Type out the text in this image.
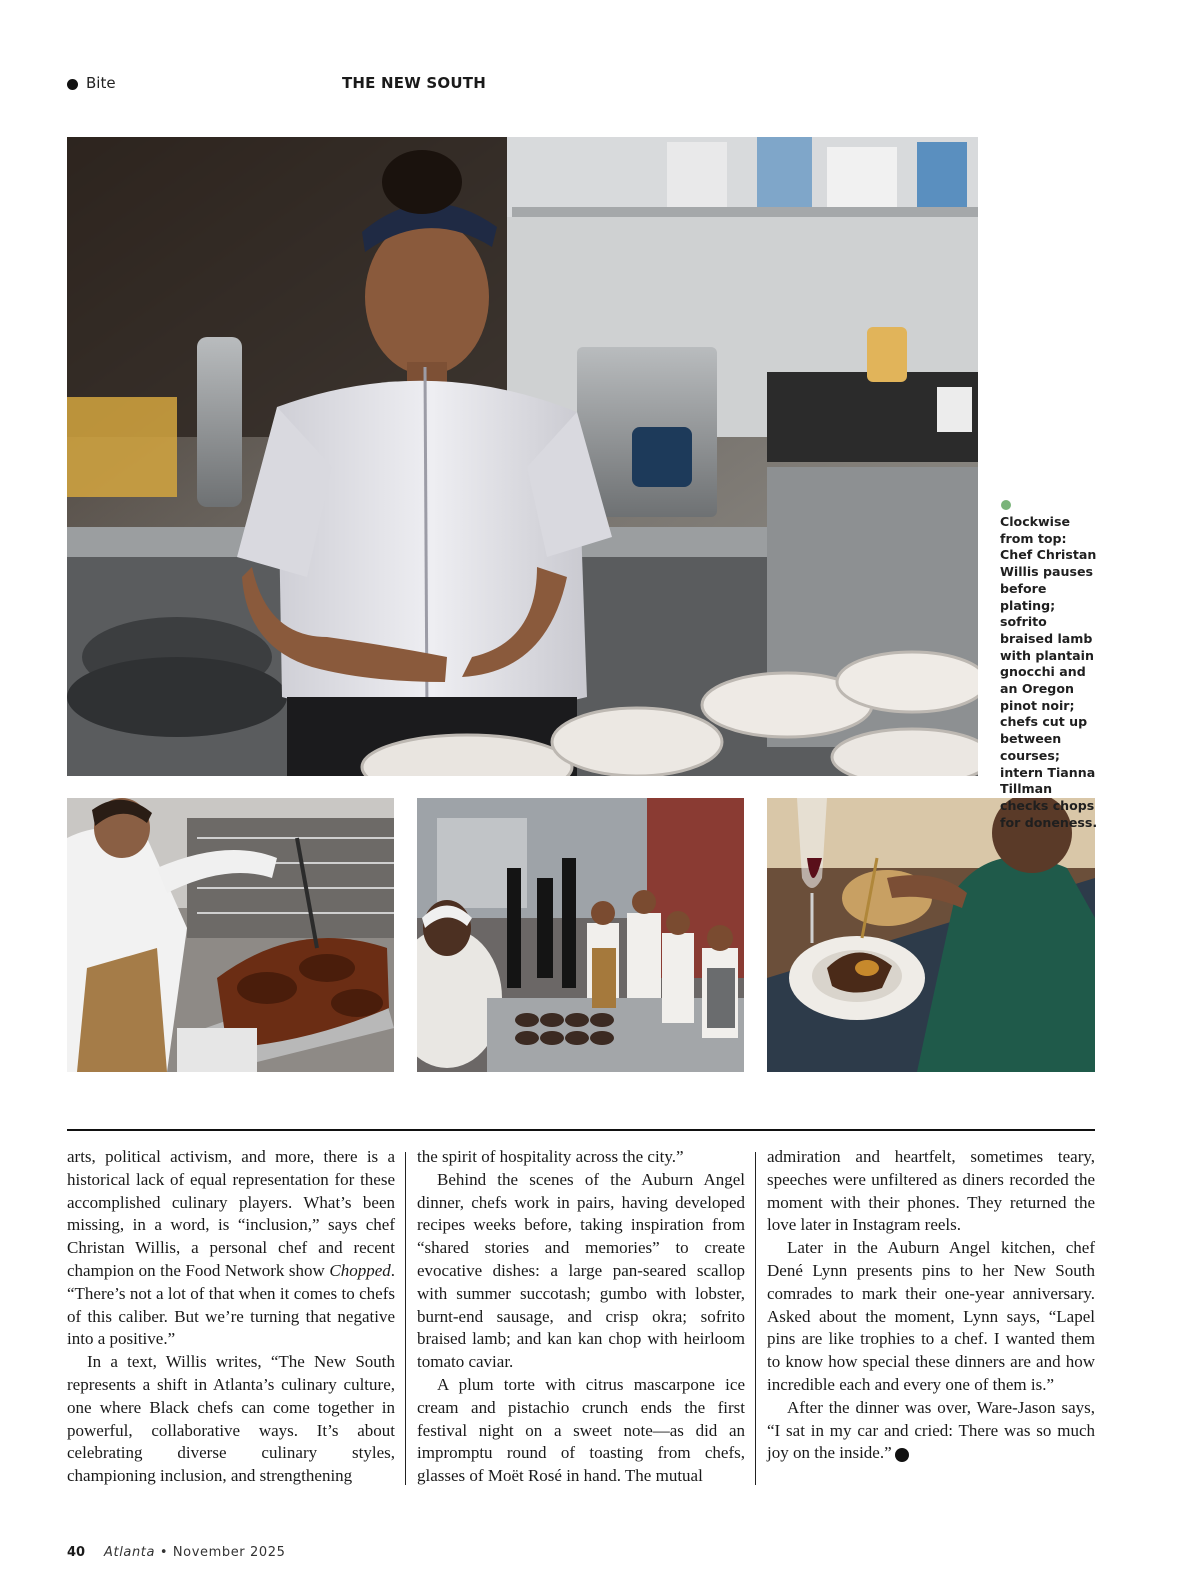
Bite	THE NEW SOUTH
Clockwise from top: Chef Christan Willis pauses before plating; sofrito braised lamb with plantain gnocchi and an Oregon pinot noir; chefs cut up between courses; intern Tianna Tillman checks chops for doneness.

arts, political activism, and more, there is a historical lack of equal representation for these accomplished culinary players. What’s been missing, in a word, is “inclusion,” says chef Christan Willis, a personal chef and recent champion on the Food Network show Chopped. “There’s not a lot of that when it comes to chefs of this caliber. But we’re turning that negative into a positive.”

In a text, Willis writes, “The New South represents a shift in Atlanta’s culinary culture, one where Black chefs can come together in powerful, collaborative ways. It’s about celebrating diverse culinary styles, championing inclusion, and strengthening

the spirit of hospitality across the city.”

Behind the scenes of the Auburn Angel dinner, chefs work in pairs, having developed recipes weeks before, taking inspiration from “shared stories and memories” to create evocative dishes: a large pan-seared scallop with summer succotash; gumbo with lobster, burnt-end sausage, and crisp okra; sofrito braised lamb; and kan kan chop with heirloom tomato caviar.

A plum torte with citrus mascarpone ice cream and pistachio crunch ends the first festival night on a sweet note—as did an impromptu round of toasting from chefs, glasses of Moët Rosé in hand. The mutual

admiration and heartfelt, sometimes teary, speeches were unfiltered as diners recorded the moment with their phones. They returned the love later in Instagram reels.

Later in the Auburn Angel kitchen, chef Dené Lynn presents pins to her New South comrades to mark their one-year anniversary. Asked about the moment, Lynn says, “Lapel pins are like trophies to a chef. I wanted them to know how special these dinners are and how incredible each and every one of them is.”

After the dinner was over, Ware-Jason says, “I sat in my car and cried: There was so much joy on the inside.” A

40 Atlanta • November 2025
